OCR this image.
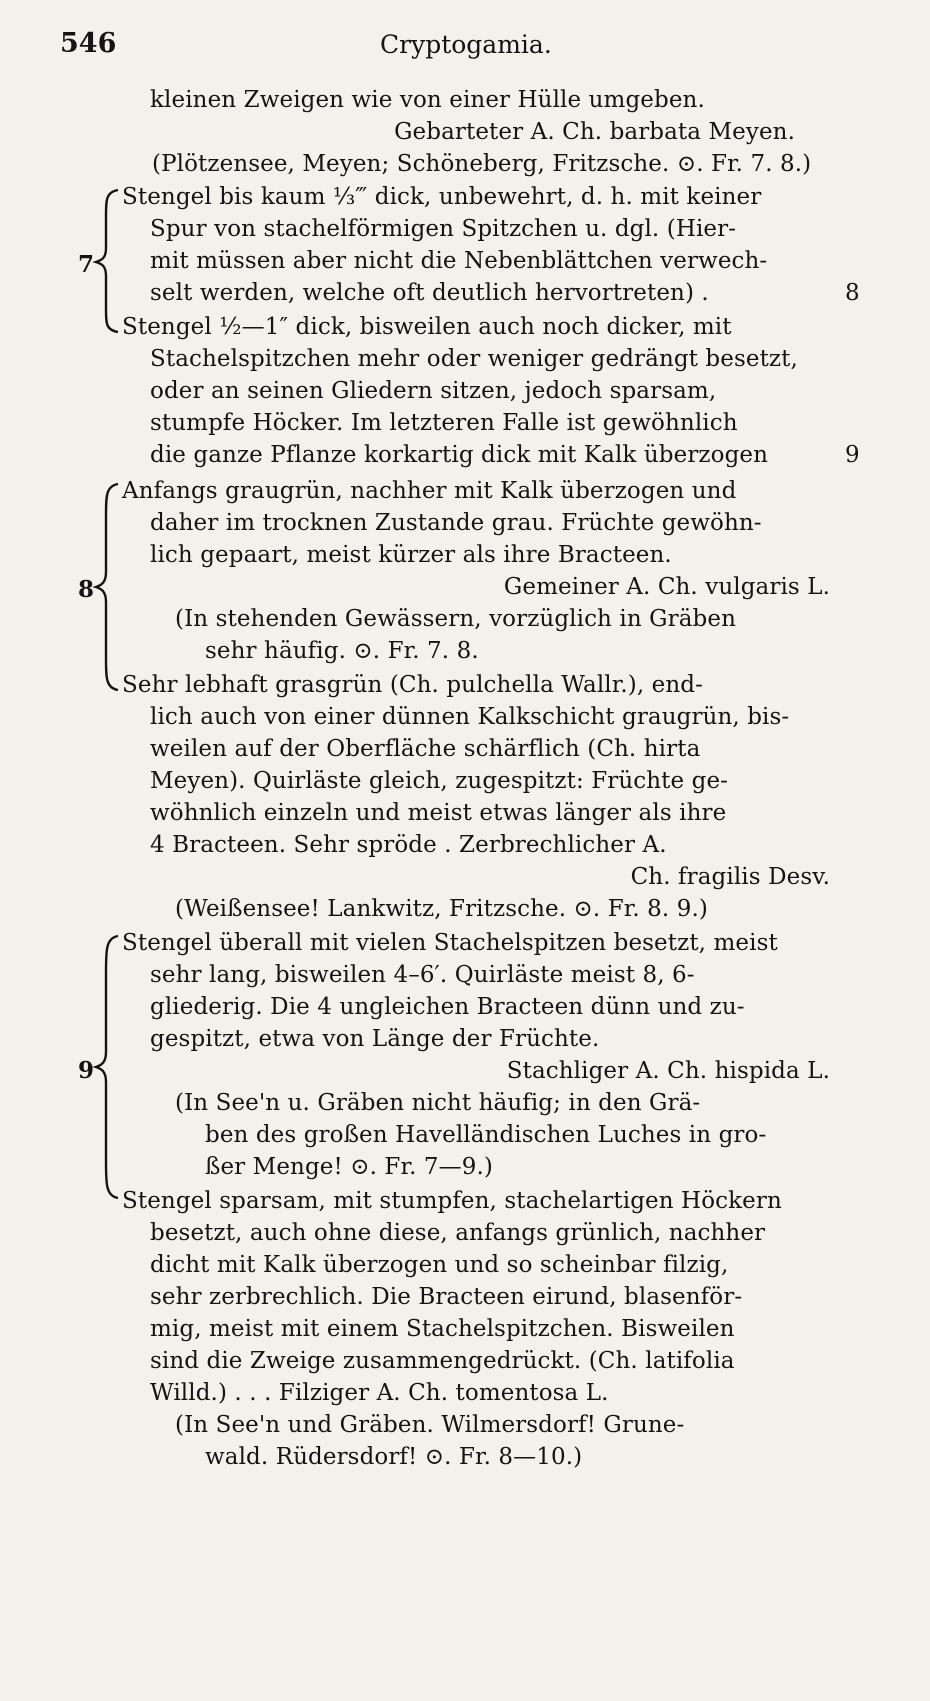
546	Cryptogamia.
kleinen Zweigen wie von einer Hülle umgeben.
Gebarteter A. Ch. barbata Meyen.
(Plötzensee, Meyen; Schöneberg, Fritzsche. ⊙. Fr. 7. 8.)
Stengel bis kaum ⅓‴ dick, unbewehrt, d. h. mit keiner
Spur von stachelförmigen Spitzchen u. dgl. (Hier-
mit müssen aber nicht die Nebenblättchen verwech-
selt werden, welche oft deutlich hervortreten) .	8
Stengel ½—1″ dick, bisweilen auch noch dicker, mit
Stachelspitzchen mehr oder weniger gedrängt besetzt,
oder an seinen Gliedern sitzen, jedoch sparsam,
stumpfe Höcker. Im letzteren Falle ist gewöhnlich
die ganze Pflanze korkartig dick mit Kalk überzogen	9
Anfangs graugrün, nachher mit Kalk überzogen und
daher im trocknen Zustande grau. Früchte gewöhn-
lich gepaart, meist kürzer als ihre Bracteen.
Gemeiner A. Ch. vulgaris L.
(In stehenden Gewässern, vorzüglich in Gräben
sehr häufig. ⊙. Fr. 7. 8.
Sehr lebhaft grasgrün (Ch. pulchella Wallr.), end-
lich auch von einer dünnen Kalkschicht graugrün, bis-
weilen auf der Oberfläche schärflich (Ch. hirta
Meyen). Quirläste gleich, zugespitzt: Früchte ge-
wöhnlich einzeln und meist etwas länger als ihre
4 Bracteen. Sehr spröde . Zerbrechlicher A.
Ch. fragilis Desv.
(Weißensee! Lankwitz, Fritzsche. ⊙. Fr. 8. 9.)
Stengel überall mit vielen Stachelspitzen besetzt, meist
sehr lang, bisweilen 4–6′. Quirläste meist 8, 6-
gliederig. Die 4 ungleichen Bracteen dünn und zu-
gespitzt, etwa von Länge der Früchte.
Stachliger A. Ch. hispida L.
(In See'n u. Gräben nicht häufig; in den Grä-
ben des großen Havelländischen Luches in gro-
ßer Menge! ⊙. Fr. 7—9.)
Stengel sparsam, mit stumpfen, stachelartigen Höckern
besetzt, auch ohne diese, anfangs grünlich, nachher
dicht mit Kalk überzogen und so scheinbar filzig,
sehr zerbrechlich. Die Bracteen eirund, blasenför-
mig, meist mit einem Stachelspitzchen. Bisweilen
sind die Zweige zusammengedrückt. (Ch. latifolia
Willd.) . . . Filziger A. Ch. tomentosa L.
(In See'n und Gräben. Wilmersdorf! Grune-
wald. Rüdersdorf! ⊙. Fr. 8—10.)
7
8
9
